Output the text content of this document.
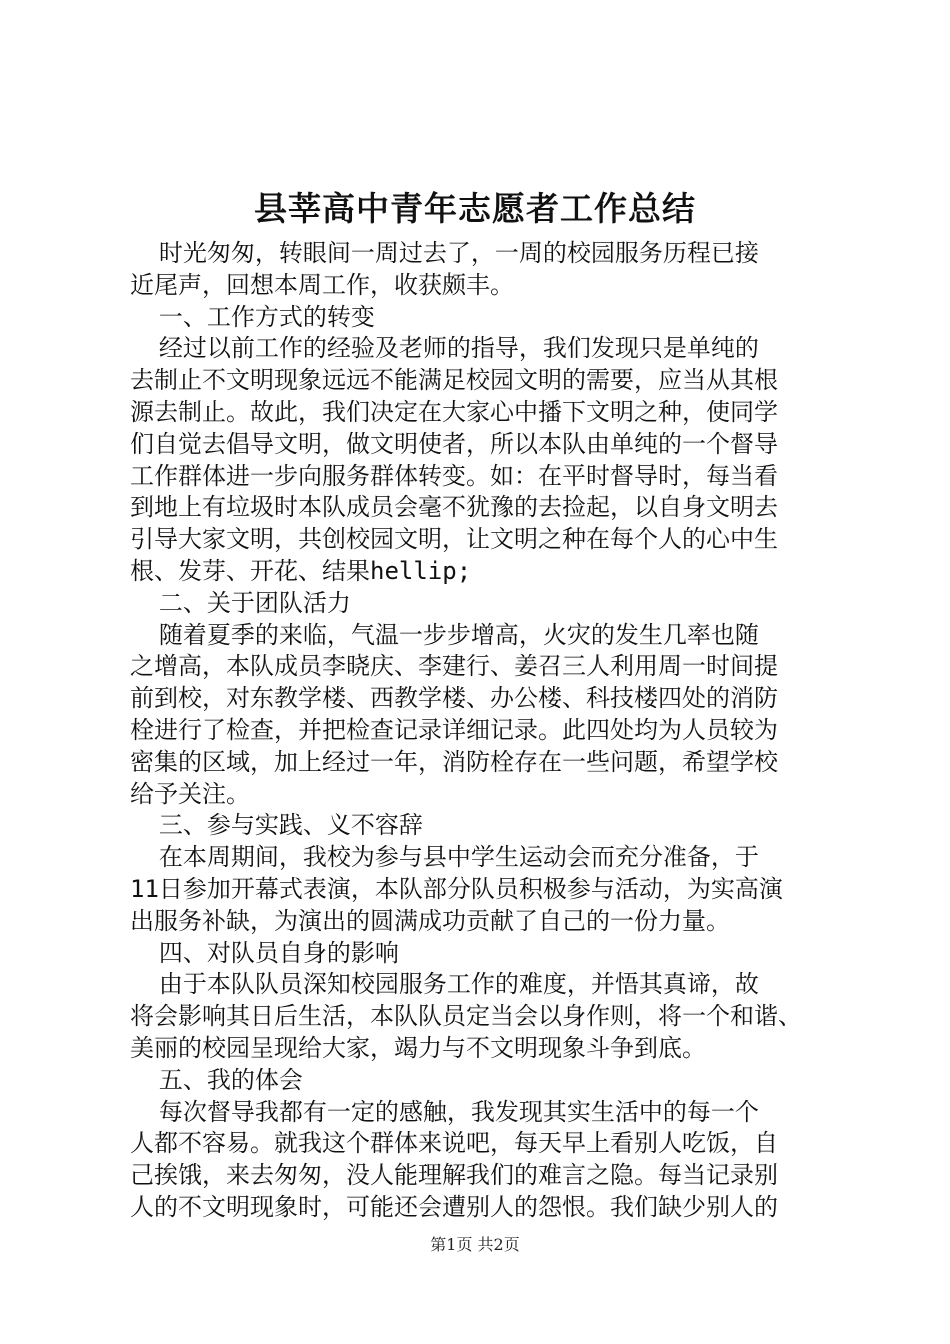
县莘高中青年志愿者工作总结
时光匆匆，转眼间一周过去了，一周的校园服务历程已接
近尾声，回想本周工作，收获颇丰。
一、工作方式的转变
经过以前工作的经验及老师的指导，我们发现只是单纯的
去制止不文明现象远远不能满足校园文明的需要，应当从其根
源去制止。故此，我们决定在大家心中播下文明之种，使同学
们自觉去倡导文明，做文明使者，所以本队由单纯的一个督导
工作群体进一步向服务群体转变。如：在平时督导时，每当看
到地上有垃圾时本队成员会毫不犹豫的去捡起，以自身文明去
引导大家文明，共创校园文明，让文明之种在每个人的心中生
根、发芽、开花、结果hellip;
二、关于团队活力
随着夏季的来临，气温一步步增高，火灾的发生几率也随
之增高，本队成员李晓庆、李建行、姜召三人利用周一时间提
前到校，对东教学楼、西教学楼、办公楼、科技楼四处的消防
栓进行了检查，并把检查记录详细记录。此四处均为人员较为
密集的区域，加上经过一年，消防栓存在一些问题，希望学校
给予关注。
三、参与实践、义不容辞
在本周期间，我校为参与县中学生运动会而充分准备，于
11日参加开幕式表演，本队部分队员积极参与活动，为实高演
出服务补缺，为演出的圆满成功贡献了自己的一份力量。
四、对队员自身的影响
由于本队队员深知校园服务工作的难度，并悟其真谛，故
将会影响其日后生活，本队队员定当会以身作则，将一个和谐、
美丽的校园呈现给大家，竭力与不文明现象斗争到底。
五、我的体会
每次督导我都有一定的感触，我发现其实生活中的每一个
人都不容易。就我这个群体来说吧，每天早上看别人吃饭，自
己挨饿，来去匆匆，没人能理解我们的难言之隐。每当记录别
人的不文明现象时，可能还会遭别人的怨恨。我们缺少别人的
第1页 共2页
